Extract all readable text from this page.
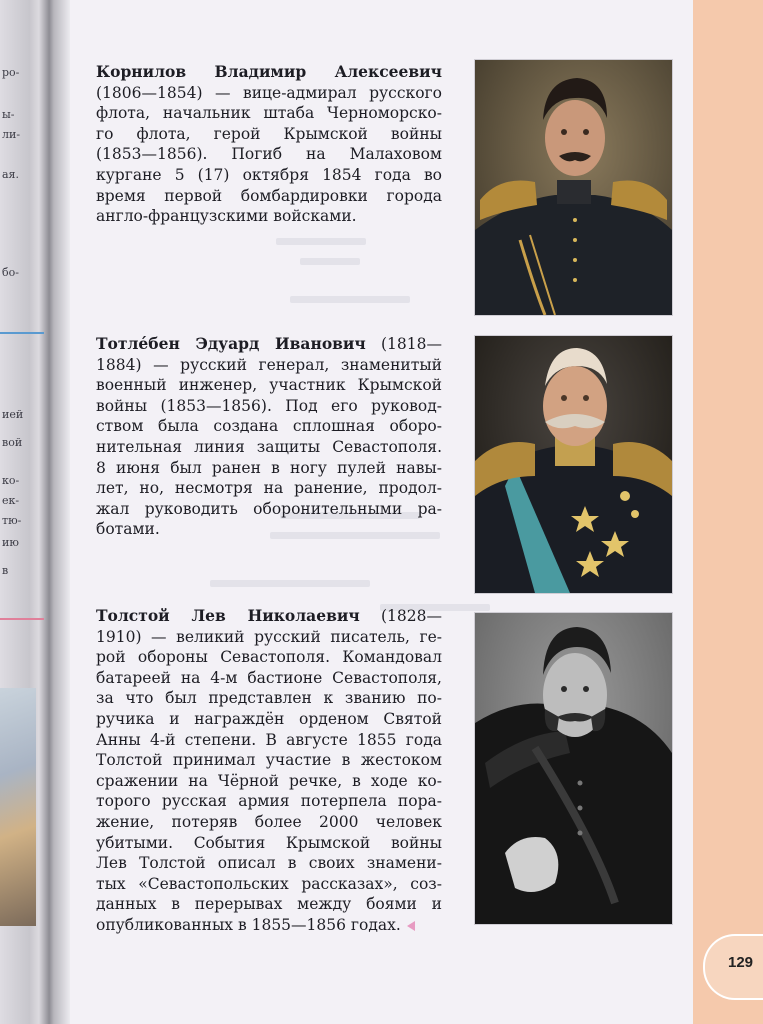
ро-
ы-
ли-
ая.
бо-
ией
вой
ко-
ек-
тю-
ию
в
129
Корнилов Владимир Алексеевич
(1806—1854) — вице-адмирал русского
флота, начальник штаба Черноморско-
го флота, герой Крымской войны
(1853—1856). Погиб на Малаховом
кургане 5 (17) октября 1854 года во
время первой бомбардировки города
англо-французскими войсками.
Тотлéбен Эдуард Иванович (1818—
1884) — русский генерал, знаменитый
военный инженер, участник Крымской
войны (1853—1856). Под его руковод-
ством была создана сплошная оборо-
нительная линия защиты Севастополя.
8 июня был ранен в ногу пулей навы-
лет, но, несмотря на ранение, продол-
жал руководить оборонительными ра-
ботами.
Толстой Лев Николаевич (1828—
1910) — великий русский писатель, ге-
рой обороны Севастополя. Командовал
батареей на 4-м бастионе Севастополя,
за что был представлен к званию по-
ручика и награждён орденом Святой
Анны 4-й степени. В августе 1855 года
Толстой принимал участие в жестоком
сражении на Чёрной речке, в ходе ко-
торого русская армия потерпела пора-
жение, потеряв более 2000 человек
убитыми. События Крымской войны
Лев Толстой описал в своих знамени-
тых «Севастопольских рассказах», соз-
данных в перерывах между боями и
опубликованных в 1855—1856 годах.
